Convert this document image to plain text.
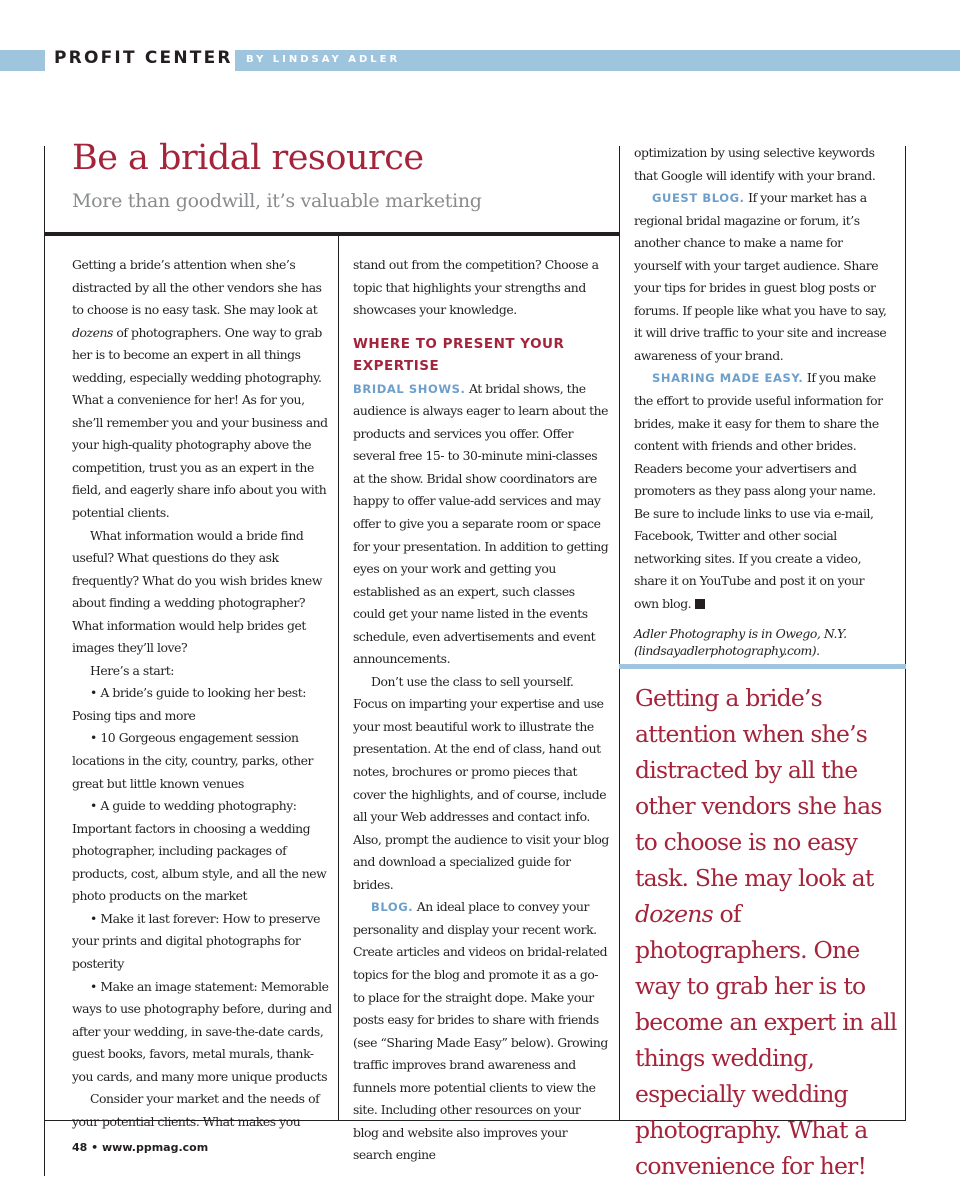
PROFIT CENTER BY LINDSAY ADLER
Be a bridal resource
More than goodwill, it’s valuable marketing

Getting a bride’s attention when she’s distracted by all the other vendors she has to choose is no easy task. She may look at dozens of photographers. One way to grab her is to become an expert in all things wedding, especially wedding photography. What a convenience for her! As for you, she’ll remember you and your business and your high-quality photography above the competition, trust you as an expert in the field, and eagerly share info about you with potential clients.

What information would a bride find useful? What questions do they ask frequently? What do you wish brides knew about finding a wedding photographer? What information would help brides get images they’ll love?

Here’s a start:

• A bride’s guide to looking her best: Posing tips and more

• 10 Gorgeous engagement session locations in the city, country, parks, other great but little known venues

• A guide to wedding photography: Important factors in choosing a wedding photographer, including packages of products, cost, album style, and all the new photo products on the market

• Make it last forever: How to preserve your prints and digital photographs for posterity

• Make an image statement: Memorable ways to use photography before, during and after your wedding, in save-the-date cards, guest books, favors, metal murals, thank-you cards, and many more unique products

Consider your market and the needs of your potential clients. What makes you

stand out from the competition? Choose a topic that highlights your strengths and showcases your knowledge.

WHERE TO PRESENT YOUR EXPERTISE

BRIDAL SHOWS. At bridal shows, the audience is always eager to learn about the products and services you offer. Offer several free 15- to 30-minute mini-classes at the show. Bridal show coordinators are happy to offer value-add services and may offer to give you a separate room or space for your presentation. In addition to getting eyes on your work and getting you established as an expert, such classes could get your name listed in the events schedule, even advertisements and event announcements.

Don’t use the class to sell yourself. Focus on imparting your expertise and use your most beautiful work to illustrate the presentation. At the end of class, hand out notes, brochures or promo pieces that cover the highlights, and of course, include all your Web addresses and contact info. Also, prompt the audience to visit your blog and download a specialized guide for brides.

BLOG. An ideal place to convey your personality and display your recent work. Create articles and videos on bridal-related topics for the blog and promote it as a go-to place for the straight dope. Make your posts easy for brides to share with friends (see “Sharing Made Easy” below). Growing traffic improves brand awareness and funnels more potential clients to view the site. Including other resources on your blog and website also improves your search engine

optimization by using selective keywords that Google will identify with your brand.

GUEST BLOG. If your market has a regional bridal magazine or forum, it’s another chance to make a name for yourself with your target audience. Share your tips for brides in guest blog posts or forums. If people like what you have to say, it will drive traffic to your site and increase awareness of your brand.

SHARING MADE EASY. If you make the effort to provide useful information for brides, make it easy for them to share the content with friends and other brides. Readers become your advertisers and promoters as they pass along your name. Be sure to include links to use via e-mail, Facebook, Twitter and other social networking sites. If you create a video, share it on YouTube and post it on your own blog.

Adler Photography is in Owego, N.Y. (lindsayadlerphotography.com).

Getting a bride’s attention when she’s distracted by all the other vendors she has to choose is no easy task. She may look at dozens of photographers. One way to grab her is to become an expert in all things wedding, especially wedding photography. What a convenience for her!
48 • www.ppmag.com
